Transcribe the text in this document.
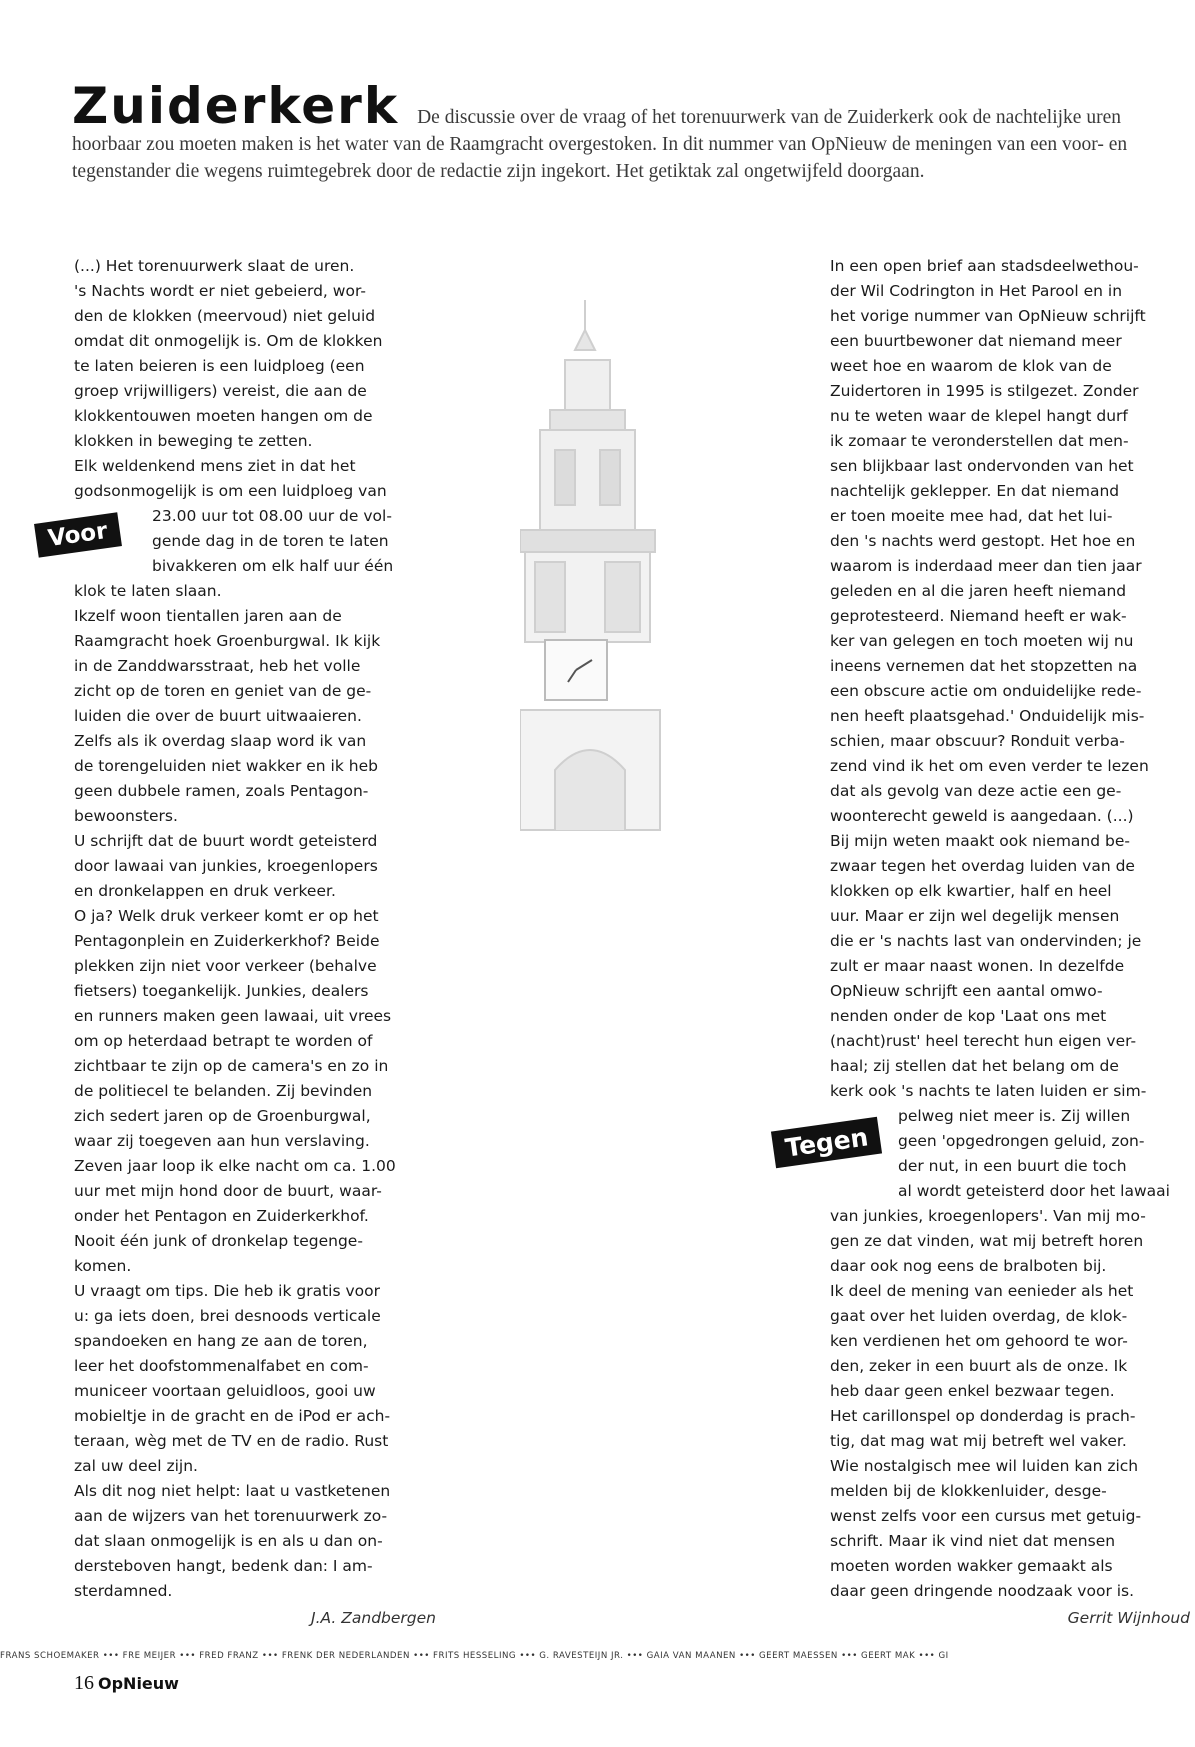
Zuiderkerk De discussie over de vraag of het torenuurwerk van de Zuiderkerk ook de nachtelijke uren hoorbaar zou moeten maken is het water van de Raamgracht overgestoken. In dit nummer van OpNieuw de meningen van een voor- en tegenstander die wegens ruimtegebrek door de redactie zijn ingekort. Het getiktak zal ongetwijfeld doorgaan.

(...) Het torenuurwerk slaat de uren.

's Nachts wordt er niet gebeierd, wor-

den de klokken (meervoud) niet geluid

omdat dit onmogelijk is. Om de klokken

te laten beieren is een luidploeg (een

groep vrijwilligers) vereist, die aan de

klokkentouwen moeten hangen om de

klokken in beweging te zetten.

Elk weldenkend mens ziet in dat het

godsonmogelijk is om een luidploeg van

23.00 uur tot 08.00 uur de vol-

gende dag in de toren te laten

bivakkeren om elk half uur één

klok te laten slaan.

Ikzelf woon tientallen jaren aan de

Raamgracht hoek Groenburgwal. Ik kijk

in de Zanddwarsstraat, heb het volle

zicht op de toren en geniet van de ge-

luiden die over de buurt uitwaaieren.

Zelfs als ik overdag slaap word ik van

de torengeluiden niet wakker en ik heb

geen dubbele ramen, zoals Pentagon-

bewoonsters.

U schrijft dat de buurt wordt geteisterd

door lawaai van junkies, kroegenlopers

en dronkelappen en druk verkeer.

O ja? Welk druk verkeer komt er op het

Pentagonplein en Zuiderkerkhof? Beide

plekken zijn niet voor verkeer (behalve

fietsers) toegankelijk. Junkies, dealers

en runners maken geen lawaai, uit vrees

om op heterdaad betrapt te worden of

zichtbaar te zijn op de camera's en zo in

de politiecel te belanden. Zij bevinden

zich sedert jaren op de Groenburgwal,

waar zij toegeven aan hun verslaving.

Zeven jaar loop ik elke nacht om ca. 1.00

uur met mijn hond door de buurt, waar-

onder het Pentagon en Zuiderkerkhof.

Nooit één junk of dronkelap tegenge-

komen.

U vraagt om tips. Die heb ik gratis voor

u: ga iets doen, brei desnoods verticale

spandoeken en hang ze aan de toren,

leer het doofstommenalfabet en com-

municeer voortaan geluidloos, gooi uw

mobieltje in de gracht en de iPod er ach-

teraan, wèg met de TV en de radio. Rust

zal uw deel zijn.

Als dit nog niet helpt: laat u vastketenen

aan de wijzers van het torenuurwerk zo-

dat slaan onmogelijk is en als u dan on-

dersteboven hangt, bedenk dan: I am-

sterdamned.

J.A. Zandbergen

Voor

In een open brief aan stadsdeelwethou-

der Wil Codrington in Het Parool en in

het vorige nummer van OpNieuw schrijft

een buurtbewoner dat niemand meer

weet hoe en waarom de klok van de

Zuidertoren in 1995 is stilgezet. Zonder

nu te weten waar de klepel hangt durf

ik zomaar te veronderstellen dat men-

sen blijkbaar last ondervonden van het

nachtelijk geklepper. En dat niemand

er toen moeite mee had, dat het lui-

den 's nachts werd gestopt. Het hoe en

waarom is inderdaad meer dan tien jaar

geleden en al die jaren heeft niemand

geprotesteerd. Niemand heeft er wak-

ker van gelegen en toch moeten wij nu

ineens vernemen dat het stopzetten na

een obscure actie om onduidelijke rede-

nen heeft plaatsgehad.' Onduidelijk mis-

schien, maar obscuur? Ronduit verba-

zend vind ik het om even verder te lezen

dat als gevolg van deze actie een ge-

woonterecht geweld is aangedaan. (...)

Bij mijn weten maakt ook niemand be-

zwaar tegen het overdag luiden van de

klokken op elk kwartier, half en heel

uur. Maar er zijn wel degelijk mensen

die er 's nachts last van ondervinden; je

zult er maar naast wonen. In dezelfde

OpNieuw schrijft een aantal omwo-

nenden onder de kop 'Laat ons met

(nacht)rust' heel terecht hun eigen ver-

haal; zij stellen dat het belang om de

kerk ook 's nachts te laten luiden er sim-

pelweg niet meer is. Zij willen

geen 'opgedrongen geluid, zon-

der nut, in een buurt die toch

al wordt geteisterd door het lawaai

van junkies, kroegenlopers'. Van mij mo-

gen ze dat vinden, wat mij betreft horen

daar ook nog eens de bralboten bij.

Ik deel de mening van eenieder als het

gaat over het luiden overdag, de klok-

ken verdienen het om gehoord te wor-

den, zeker in een buurt als de onze. Ik

heb daar geen enkel bezwaar tegen.

Het carillonspel op donderdag is prach-

tig, dat mag wat mij betreft wel vaker.

Wie nostalgisch mee wil luiden kan zich

melden bij de klokkenluider, desge-

wenst zelfs voor een cursus met getuig-

schrift. Maar ik vind niet dat mensen

moeten worden wakker gemaakt als

daar geen dringende noodzaak voor is.

Gerrit Wijnhoud

Tegen
FRANS SCHOEMAKER ••• FRE MEIJER ••• FRED FRANZ ••• FRENK DER NEDERLANDEN ••• FRITS HESSELING ••• G. RAVESTEIJN JR. ••• GAIA VAN MAANEN ••• GEERT MAESSEN ••• GEERT MAK ••• GI
16 OpNieuw
